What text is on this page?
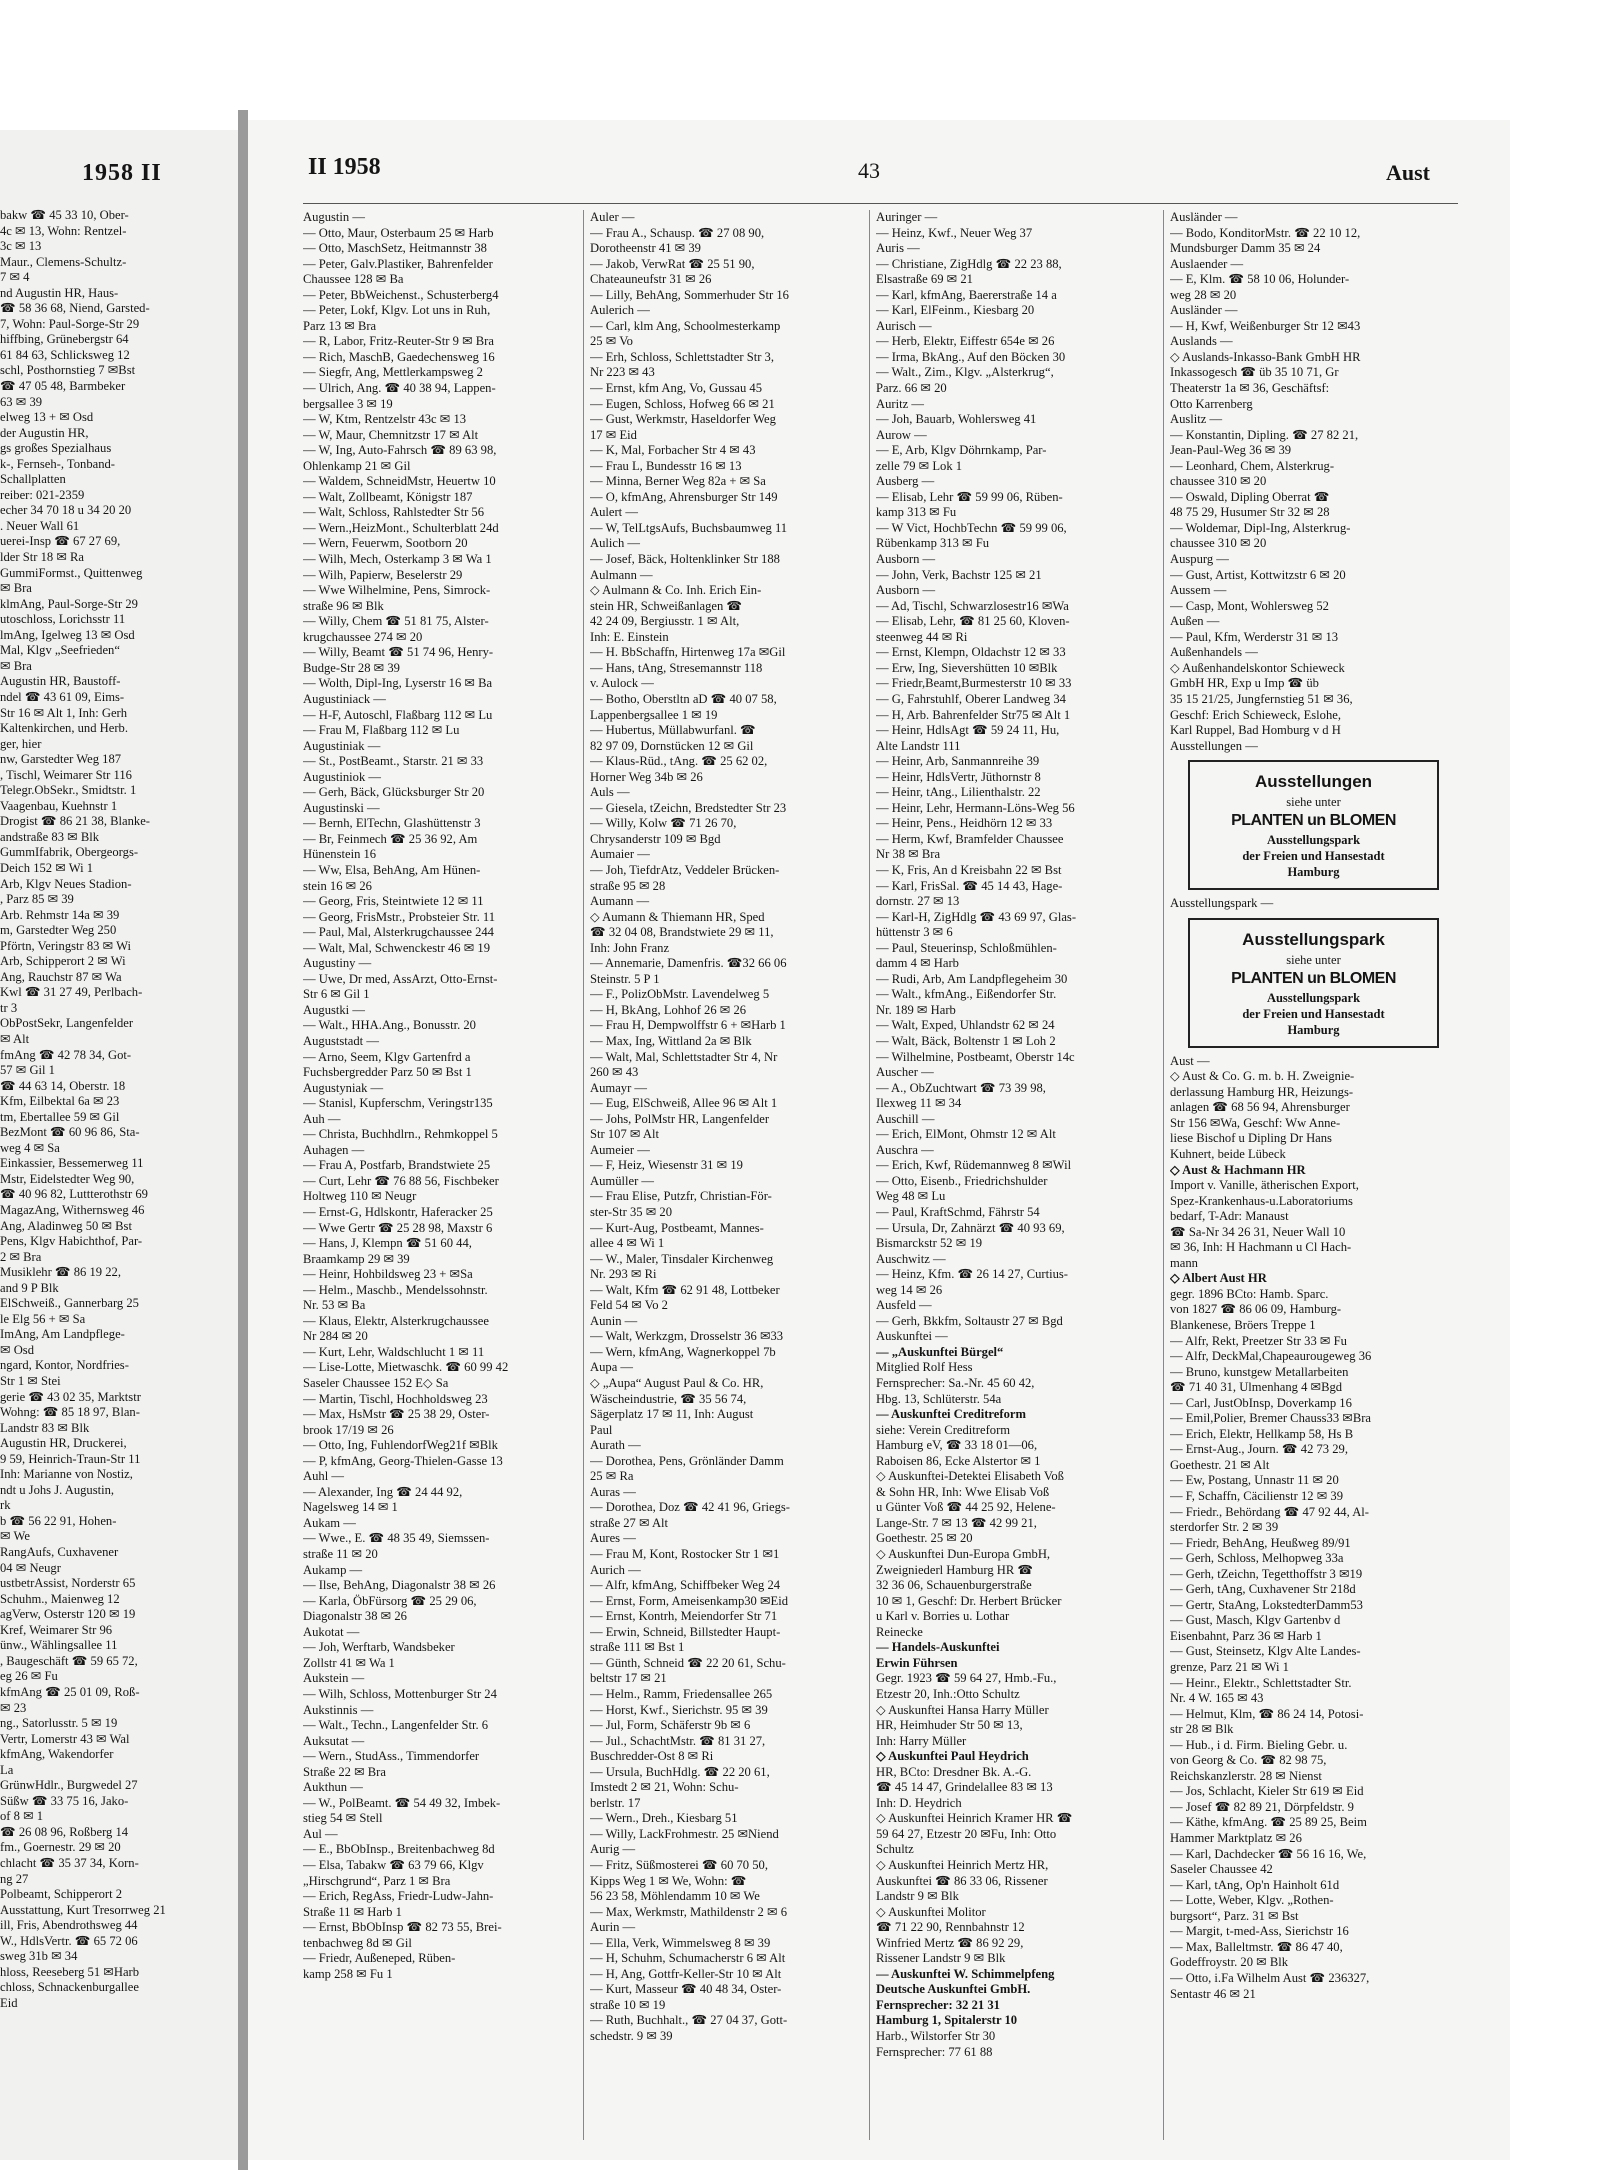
1958 II
bakw ☎ 45 33 10, Ober-
4c ✉ 13, Wohn: Rentzel-
3c ✉ 13
Maur., Clemens-Schultz-
7 ✉ 4
nd Augustin HR, Haus-
☎ 58 36 68, Niend, Garsted-
7, Wohn: Paul-Sorge-Str 29
hiffbing, Grünebergstr 64
61 84 63, Schlicksweg 12
schl, Posthornstieg 7 ✉Bst
☎ 47 05 48, Barmbeker
63 ✉ 39
elweg 13 + ✉ Osd
der Augustin HR,
gs großes Spezialhaus
k-, Fernseh-, Tonband-
Schallplatten
reiber: 021-2359
echer 34 70 18 u 34 20 20
. Neuer Wall 61
uerei-Insp ☎ 67 27 69,
lder Str 18 ✉ Ra
GummiFormst., Quittenweg
✉ Bra
klmAng, Paul-Sorge-Str 29
utoschloss, Lorichsstr 11
lmAng, Igelweg 13 ✉ Osd
Mal, Klgv „Seefrieden“
✉ Bra
Augustin HR, Baustoff-
ndel ☎ 43 61 09, Eims-
Str 16 ✉ Alt 1, Inh: Gerh
Kaltenkirchen, und Herb.
ger, hier
nw, Garstedter Weg 187
, Tischl, Weimarer Str 116
Telegr.ObSekr., Smidtstr. 1
Vaagenbau, Kuehnstr 1
Drogist ☎ 86 21 38, Blanke-
andstraße 83 ✉ Blk
GummIfabrik, Obergeorgs-
Deich 152 ✉ Wi 1
Arb, Klgv Neues Stadion-
, Parz 85 ✉ 39
Arb. Rehmstr 14a ✉ 39
m, Garstedter Weg 250
Pförtn, Veringstr 83 ✉ Wi
Arb, Schipperort 2 ✉ Wi
Ang, Rauchstr 87 ✉ Wa
Kwl ☎ 31 27 49, Perlbach-
tr 3
ObPostSekr, Langenfelder
✉ Alt
fmAng ☎ 42 78 34, Got-
57 ✉ Gil 1
☎ 44 63 14, Oberstr. 18
Kfm, Eilbektal 6a ✉ 23
tm, Ebertallee 59 ✉ Gil
BezMont ☎ 60 96 86, Sta-
weg 4 ✉ Sa
Einkassier, Bessemerweg 11
Mstr, Eidelstedter Weg 90,
☎ 40 96 82, Luttterothstr 69
MagazAng, Withernsweg 46
Ang, Aladinweg 50 ✉ Bst
Pens, Klgv Habichthof, Par-
2 ✉ Bra
Musiklehr ☎ 86 19 22,
and 9 P Blk
ElSchweiß., Gannerbarg 25
le Elg 56 + ✉ Sa
ImAng, Am Landpflege-
✉ Osd
ngard, Kontor, Nordfries-
Str 1 ✉ Stei
gerie ☎ 43 02 35, Marktstr
Wohng: ☎ 85 18 97, Blan-
Landstr 83 ✉ Blk
Augustin HR, Druckerei,
9 59, Heinrich-Traun-Str 11
Inh: Marianne von Nostiz,
ndt u Johs J. Augustin,
rk
b ☎ 56 22 91, Hohen-
✉ We
RangAufs, Cuxhavener
04 ✉ Neugr
ustbetrAssist, Norderstr 65
Schuhm., Maienweg 12
agVerw, Osterstr 120 ✉ 19
Kref, Weimarer Str 96
ünw., Wählingsallee 11
, Baugeschäft ☎ 59 65 72,
eg 26 ✉ Fu
kfmAng ☎ 25 01 09, Roß-
✉ 23
ng., Satorlusstr. 5 ✉ 19
Vertr, Lomerstr 43 ✉ Wal
kfmAng, Wakendorfer
La
GrünwHdlr., Burgwedel 27
Süßw ☎ 33 75 16, Jako-
of 8 ✉ 1
☎ 26 08 96, Roßberg 14
fm., Goernestr. 29 ✉ 20
chlacht ☎ 35 37 34, Korn-
ng 27
Polbeamt, Schipperort 2
Ausstattung, Kurt Tresorrweg 21
ill, Fris, Abendrothsweg 44
W., HdlsVertr. ☎ 65 72 06
sweg 31b ✉ 34
hloss, Reeseberg 51 ✉Harb
chloss, Schnackenburgallee
Eid
II 1958	43	Aust
Augustin —
— Otto, Maur, Osterbaum 25 ✉ Harb
— Otto, MaschSetz, Heitmannstr 38
— Peter, Galv.Plastiker, Bahrenfelder
Chaussee 128 ✉ Ba
— Peter, BbWeichenst., Schusterberg4
— Peter, Lokf, Klgv. Lot uns in Ruh,
Parz 13 ✉ Bra
— R, Labor, Fritz-Reuter-Str 9 ✉ Bra
— Rich, MaschB, Gaedechensweg 16
— Siegfr, Ang, Mettlerkampsweg 2
— Ulrich, Ang. ☎ 40 38 94, Lappen-
bergsallee 3 ✉ 19
— W, Ktm, Rentzelstr 43c ✉ 13
— W, Maur, Chemnitzstr 17 ✉ Alt
— W, Ing, Auto-Fahrsch ☎ 89 63 98,
Ohlenkamp 21 ✉ Gil
— Waldem, SchneidMstr, Heuertw 10
— Walt, Zollbeamt, Königstr 187
— Walt, Schloss, Rahlstedter Str 56
— Wern.,HeizMont., Schulterblatt 24d
— Wern, Feuerwm, Sootborn 20
— Wilh, Mech, Osterkamp 3 ✉ Wa 1
— Wilh, Papierw, Beselerstr 29
— Wwe Wilhelmine, Pens, Simrock-
straße 96 ✉ Blk
— Willy, Chem ☎ 51 81 75, Alster-
krugchaussee 274 ✉ 20
— Willy, Beamt ☎ 51 74 96, Henry-
Budge-Str 28 ✉ 39
— Wolth, Dipl-Ing, Lyserstr 16 ✉ Ba
Augustiniack —
— H-F, Autoschl, Flaßbarg 112 ✉ Lu
— Frau M, Flaßbarg 112 ✉ Lu
Augustiniak —
— St., PostBeamt., Starstr. 21 ✉ 33
Augustiniok —
— Gerh, Bäck, Glücksburger Str 20
Augustinski —
— Bernh, ElTechn, Glashüttenstr 3
— Br, Feinmech ☎ 25 36 92, Am
Hünenstein 16
— Ww, Elsa, BehAng, Am Hünen-
stein 16 ✉ 26
— Georg, Fris, Steintwiete 12 ✉ 11
— Georg, FrisMstr., Probsteier Str. 11
— Paul, Mal, Alsterkrugchaussee 244
— Walt, Mal, Schwenckestr 46 ✉ 19
Augustiny —
— Uwe, Dr med, AssArzt, Otto-Ernst-
Str 6 ✉ Gil 1
Augustki —
— Walt., HHA.Ang., Bonusstr. 20
Auguststadt —
— Arno, Seem, Klgv Gartenfrd a
Fuchsbergredder Parz 50 ✉ Bst 1
Augustyniak —
— Stanisl, Kupferschm, Veringstr135
Auh —
— Christa, Buchhdlrn., Rehmkoppel 5
Auhagen —
— Frau A, Postfarb, Brandstwiete 25
— Curt, Lehr ☎ 76 88 56, Fischbeker
Holtweg 110 ✉ Neugr
— Ernst-G, Hdlskontr, Haferacker 25
— Wwe Gertr ☎ 25 28 98, Maxstr 6
— Hans, J, Klempn ☎ 51 60 44,
Braamkamp 29 ✉ 39
— Heinr, Hohbildsweg 23 + ✉Sa
— Helm., Maschb., Mendelssohnstr.
Nr. 53 ✉ Ba
— Klaus, Elektr, Alsterkrugchaussee
Nr 284 ✉ 20
— Kurt, Lehr, Waldschlucht 1 ✉ 11
— Lise-Lotte, Mietwaschk. ☎ 60 99 42
Saseler Chaussee 152 E◇ Sa
— Martin, Tischl, Hochholdsweg 23
— Max, HsMstr ☎ 25 38 29, Oster-
brook 17/19 ✉ 26
— Otto, Ing, FuhlendorfWeg21f ✉Blk
— P, kfmAng, Georg-Thielen-Gasse 13
Auhl —
— Alexander, Ing ☎ 24 44 92,
Nagelsweg 14 ✉ 1
Aukam —
— Wwe., E. ☎ 48 35 49, Siemssen-
straße 11 ✉ 20
Aukamp —
— Ilse, BehAng, Diagonalstr 38 ✉ 26
— Karla, ÖbFürsorg ☎ 25 29 06,
Diagonalstr 38 ✉ 26
Aukotat —
— Joh, Werftarb, Wandsbeker
Zollstr 41 ✉ Wa 1
Aukstein —
— Wilh, Schloss, Mottenburger Str 24
Aukstinnis —
— Walt., Techn., Langenfelder Str. 6
Auksutat —
— Wern., StudAss., Timmendorfer
Straße 22 ✉ Bra
Aukthun —
— W., PolBeamt. ☎ 54 49 32, Imbek-
stieg 54 ✉ Stell
Aul —
— E., BbObInsp., Breitenbachweg 8d
— Elsa, Tabakw ☎ 63 79 66, Klgv
„Hirschgrund“, Parz 1 ✉ Bra
— Erich, RegAss, Friedr-Ludw-Jahn-
Straße 11 ✉ Harb 1
— Ernst, BbObInsp ☎ 82 73 55, Brei-
tenbachweg 8d ✉ Gil
— Friedr, Außeneped, Rüben-
kamp 258 ✉ Fu 1
Auler —
— Frau A., Schausp. ☎ 27 08 90,
Dorotheenstr 41 ✉ 39
— Jakob, VerwRat ☎ 25 51 90,
Chateauneufstr 31 ✉ 26
— Lilly, BehAng, Sommerhuder Str 16
Aulerich —
— Carl, klm Ang, Schoolmesterkamp
25 ✉ Vo
— Erh, Schloss, Schlettstadter Str 3,
Nr 223 ✉ 43
— Ernst, kfm Ang, Vo, Gussau 45
— Eugen, Schloss, Hofweg 66 ✉ 21
— Gust, Werkmstr, Haseldorfer Weg
17 ✉ Eid
— K, Mal, Forbacher Str 4 ✉ 43
— Frau L, Bundesstr 16 ✉ 13
— Minna, Berner Weg 82a + ✉ Sa
— O, kfmAng, Ahrensburger Str 149
Aulert —
— W, TelLtgsAufs, Buchsbaumweg 11
Aulich —
— Josef, Bäck, Holtenklinker Str 188
Aulmann —
◇ Aulmann & Co. Inh. Erich Ein-
stein HR, Schweißanlagen ☎
42 24 09, Bergiusstr. 1 ✉ Alt,
Inh: E. Einstein
— H. BbSchaffn, Hirtenweg 17a ✉Gil
— Hans, tAng, Stresemannstr 118
v. Aulock —
— Botho, Oberstltn aD ☎ 40 07 58,
Lappenbergsallee 1 ✉ 19
— Hubertus, Müllabwurfanl. ☎
82 97 09, Dornstücken 12 ✉ Gil
— Klaus-Rüd., tAng. ☎ 25 62 02,
Horner Weg 34b ✉ 26
Auls —
— Giesela, tZeichn, Bredstedter Str 23
— Willy, Kolw ☎ 71 26 70,
Chrysanderstr 109 ✉ Bgd
Aumaier —
— Joh, TiefdrAtz, Veddeler Brücken-
straße 95 ✉ 28
Aumann —
◇ Aumann & Thiemann HR, Sped
☎ 32 04 08, Brandstwiete 29 ✉ 11,
Inh: John Franz
— Annemarie, Damenfris. ☎32 66 06
Steinstr. 5 P 1
— F., PolizObMstr. Lavendelweg 5
— H, BkAng, Lohhof 26 ✉ 26
— Frau H, Dempwolffstr 6 + ✉Harb 1
— Max, Ing, Wittland 2a ✉ Blk
— Walt, Mal, Schlettstadter Str 4, Nr
260 ✉ 43
Aumayr —
— Eug, ElSchweiß, Allee 96 ✉ Alt 1
— Johs, PolMstr HR, Langenfelder
Str 107 ✉ Alt
Aumeier —
— F, Heiz, Wiesenstr 31 ✉ 19
Aumüller —
— Frau Elise, Putzfr, Christian-För-
ster-Str 35 ✉ 20
— Kurt-Aug, Postbeamt, Mannes-
allee 4 ✉ Wi 1
— W., Maler, Tinsdaler Kirchenweg
Nr. 293 ✉ Ri
— Walt, Kfm ☎ 62 91 48, Lottbeker
Feld 54 ✉ Vo 2
Aunin —
— Walt, Werkzgm, Drosselstr 36 ✉33
— Wern, kfmAng, Wagnerkoppel 7b
Aupa —
◇ „Aupa“ August Paul & Co. HR,
Wäscheindustrie, ☎ 35 56 74,
Sägerplatz 17 ✉ 11, Inh: August
Paul
Aurath —
— Dorothea, Pens, Grönländer Damm
25 ✉ Ra
Auras —
— Dorothea, Doz ☎ 42 41 96, Griegs-
straße 27 ✉ Alt
Aures —
— Frau M, Kont, Rostocker Str 1 ✉1
Aurich —
— Alfr, kfmAng, Schiffbeker Weg 24
— Ernst, Form, Ameisenkamp30 ✉Eid
— Ernst, Kontrh, Meiendorfer Str 71
— Erwin, Schneid, Billstedter Haupt-
straße 111 ✉ Bst 1
— Günth, Schneid ☎ 22 20 61, Schu-
beltstr 17 ✉ 21
— Helm., Ramm, Friedensallee 265
— Horst, Kwf., Sierichstr. 95 ✉ 39
— Jul, Form, Schäferstr 9b ✉ 6
— Jul., SchachtMstr. ☎ 81 31 27,
Buschredder-Ost 8 ✉ Ri
— Ursula, BuchHdlg. ☎ 22 20 61,
Imstedt 2 ✉ 21, Wohn: Schu-
berlstr. 17
— Wern., Dreh., Kiesbarg 51
— Willy, LackFrohmestr. 25 ✉Niend
Aurig —
— Fritz, Süßmosterei ☎ 60 70 50,
Kipps Weg 1 ✉ We, Wohn: ☎
56 23 58, Möhlendamm 10 ✉ We
— Max, Werkmstr, Mathildenstr 2 ✉ 6
Aurin —
— Ella, Verk, Wimmelsweg 8 ✉ 39
— H, Schuhm, Schumacherstr 6 ✉ Alt
— H, Ang, Gottfr-Keller-Str 10 ✉ Alt
— Kurt, Masseur ☎ 40 48 34, Oster-
straße 10 ✉ 19
— Ruth, Buchhalt., ☎ 27 04 37, Gott-
schedstr. 9 ✉ 39
Auringer —
— Heinz, Kwf., Neuer Weg 37
Auris —
— Christiane, ZigHdlg ☎ 22 23 88,
Elsastraße 69 ✉ 21
— Karl, kfmAng, Baererstraße 14 a
— Karl, ElFeinm., Kiesbarg 20
Aurisch —
— Herb, Elektr, Eiffestr 654e ✉ 26
— Irma, BkAng., Auf den Böcken 30
— Walt., Zim., Klgv. „Alsterkrug“,
Parz. 66 ✉ 20
Auritz —
— Joh, Bauarb, Wohlersweg 41
Aurow —
— E, Arb, Klgv Döhrnkamp, Par-
zelle 79 ✉ Lok 1
Ausberg —
— Elisab, Lehr ☎ 59 99 06, Rüben-
kamp 313 ✉ Fu
— W Vict, HochbTechn ☎ 59 99 06,
Rübenkamp 313 ✉ Fu
Ausborn —
— John, Verk, Bachstr 125 ✉ 21
Ausborn —
— Ad, Tischl, Schwarzlosestr16 ✉Wa
— Elisab, Lehr, ☎ 81 25 60, Kloven-
steenweg 44 ✉ Ri
— Ernst, Klempn, Oldachstr 12 ✉ 33
— Erw, Ing, Sievershütten 10 ✉Blk
— Friedr,Beamt,Burmesterstr 10 ✉ 33
— G, Fahrstuhlf, Oberer Landweg 34
— H, Arb. Bahrenfelder Str75 ✉ Alt 1
— Heinr, HdlsAgt ☎ 59 24 11, Hu,
Alte Landstr 111
— Heinr, Arb, Sanmannreihe 39
— Heinr, HdlsVertr, Jüthornstr 8
— Heinr, tAng., Lilienthalstr. 22
— Heinr, Lehr, Hermann-Löns-Weg 56
— Heinr, Pens., Heidhörn 12 ✉ 33
— Herm, Kwf, Bramfelder Chaussee
Nr 38 ✉ Bra
— K, Fris, An d Kreisbahn 22 ✉ Bst
— Karl, FrisSal. ☎ 45 14 43, Hage-
dornstr. 27 ✉ 13
— Karl-H, ZigHdlg ☎ 43 69 97, Glas-
hüttenstr 3 ✉ 6
— Paul, Steuerinsp, Schloßmühlen-
damm 4 ✉ Harb
— Rudi, Arb, Am Landpflegeheim 30
— Walt., kfmAng., Eißendorfer Str.
Nr. 189 ✉ Harb
— Walt, Exped, Uhlandstr 62 ✉ 24
— Walt, Bäck, Boltenstr 1 ✉ Loh 2
— Wilhelmine, Postbeamt, Oberstr 14c
Auscher —
— A., ObZuchtwart ☎ 73 39 98,
Ilexweg 11 ✉ 34
Auschill —
— Erich, ElMont, Ohmstr 12 ✉ Alt
Auschra —
— Erich, Kwf, Rüdemannweg 8 ✉Wil
— Otto, Eisenb., Friedrichshulder
Weg 48 ✉ Lu
— Paul, KraftSchmd, Fährstr 54
— Ursula, Dr, Zahnärzt ☎ 40 93 69,
Bismarckstr 52 ✉ 19
Auschwitz —
— Heinz, Kfm. ☎ 26 14 27, Curtius-
weg 14 ✉ 26
Ausfeld —
— Gerh, Bkkfm, Soltaustr 27 ✉ Bgd
Auskunftei —
— „Auskunftei Bürgel“
Mitglied Rolf Hess
Fernsprecher: Sa.-Nr. 45 60 42,
Hbg. 13, Schlüterstr. 54a
— Auskunftei Creditreform
siehe: Verein Creditreform
Hamburg eV, ☎ 33 18 01—06,
Raboisen 86, Ecke Alstertor ✉ 1
◇ Auskunftei-Detektei Elisabeth Voß
& Sohn HR, Inh: Wwe Elisab Voß
u Günter Voß ☎ 44 25 92, Helene-
Lange-Str. 7 ✉ 13 ☎ 42 99 21,
Goethestr. 25 ✉ 20
◇ Auskunftei Dun-Europa GmbH,
Zweigniederl Hamburg HR ☎
32 36 06, Schauenburgerstraße
10 ✉ 1, Geschf: Dr. Herbert Brücker
u Karl v. Borries u. Lothar
Reinecke
— Handels-Auskunftei
Erwin Führsen
Gegr. 1923 ☎ 59 64 27, Hmb.-Fu.,
Etzestr 20, Inh.:Otto Schultz
◇ Auskunftei Hansa Harry Müller
HR, Heimhuder Str 50 ✉ 13,
Inh: Harry Müller
◇ Auskunftei Paul Heydrich
HR, BCto: Dresdner Bk. A.-G.
☎ 45 14 47, Grindelallee 83 ✉ 13
Inh: D. Heydrich
◇ Auskunftei Heinrich Kramer HR ☎
59 64 27, Etzestr 20 ✉Fu, Inh: Otto
Schultz
◇ Auskunftei Heinrich Mertz HR,
Auskunftei ☎ 86 33 06, Rissener
Landstr 9 ✉ Blk
◇ Auskunftei Molitor
☎ 71 22 90, Rennbahnstr 12
Winfried Mertz ☎ 86 92 29,
Rissener Landstr 9 ✉ Blk
— Auskunftei W. Schimmelpfeng
Deutsche Auskunftei GmbH.
Fernsprecher: 32 21 31
Hamburg 1, Spitalerstr 10
Harb., Wilstorfer Str 30
Fernsprecher: 77 61 88
Ausländer —
— Bodo, KonditorMstr. ☎ 22 10 12,
Mundsburger Damm 35 ✉ 24
Auslaender —
— E, Klm. ☎ 58 10 06, Holunder-
weg 28 ✉ 20
Ausländer —
— H, Kwf, Weißenburger Str 12 ✉43
Auslands —
◇ Auslands-Inkasso-Bank GmbH HR
Inkassogesch ☎ üb 35 10 71, Gr
Theaterstr 1a ✉ 36, Geschäftsf:
Otto Karrenberg
Auslitz —
— Konstantin, Dipling. ☎ 27 82 21,
Jean-Paul-Weg 36 ✉ 39
— Leonhard, Chem, Alsterkrug-
chaussee 310 ✉ 20
— Oswald, Dipling Oberrat ☎
48 75 29, Husumer Str 32 ✉ 28
— Woldemar, Dipl-Ing, Alsterkrug-
chaussee 310 ✉ 20
Auspurg —
— Gust, Artist, Kottwitzstr 6 ✉ 20
Aussem —
— Casp, Mont, Wohlersweg 52
Außen —
— Paul, Kfm, Werderstr 31 ✉ 13
Außenhandels —
◇ Außenhandelskontor Schieweck
GmbH HR, Exp u Imp ☎ üb
35 15 21/25, Jungfernstieg 51 ✉ 36,
Geschf: Erich Schieweck, Eslohe,
Karl Ruppel, Bad Homburg v d H
Ausstellungen —
Ausstellungen
siehe unter
PLANTEN un BLOMEN
Ausstellungspark
der Freien und Hansestadt
Hamburg
Ausstellungspark —
Ausstellungspark
siehe unter
PLANTEN un BLOMEN
Ausstellungspark
der Freien und Hansestadt
Hamburg
Aust —
◇ Aust & Co. G. m. b. H. Zweignie-
derlassung Hamburg HR, Heizungs-
anlagen ☎ 68 56 94, Ahrensburger
Str 156 ✉Wa, Geschf: Ww Anne-
liese Bischof u Dipling Dr Hans
Kuhnert, beide Lübeck
◇ Aust & Hachmann HR
Import v. Vanille, ätherischen Export,
Spez-Krankenhaus-u.Laboratoriums
bedarf, T-Adr: Manaust
☎ Sa-Nr 34 26 31, Neuer Wall 10
✉ 36, Inh: H Hachmann u Cl Hach-
mann
◇ Albert Aust HR
gegr. 1896 BCto: Hamb. Sparc.
von 1827 ☎ 86 06 09, Hamburg-
Blankenese, Bröers Treppe 1
— Alfr, Rekt, Preetzer Str 33 ✉ Fu
— Alfr, DeckMal,Chapeaurougeweg 36
— Bruno, kunstgew Metallarbeiten
☎ 71 40 31, Ulmenhang 4 ✉Bgd
— Carl, JustObInsp, Doverkamp 16
— Emil,Polier, Bremer Chauss33 ✉Bra
— Erich, Elektr, Hellkamp 58, Hs B
— Ernst-Aug., Journ. ☎ 42 73 29,
Goethestr. 21 ✉ Alt
— Ew, Postang, Unnastr 11 ✉ 20
— F, Schaffn, Cäcilienstr 12 ✉ 39
— Friedr., Behördang ☎ 47 92 44, Al-
sterdorfer Str. 2 ✉ 39
— Friedr, BehAng, Heußweg 89/91
— Gerh, Schloss, Melhopweg 33a
— Gerh, tZeichn, Tegetthoffstr 3 ✉19
— Gerh, tAng, Cuxhavener Str 218d
— Gertr, StaAng, LokstedterDamm53
— Gust, Masch, Klgv Gartenbv d
Eisenbahnt, Parz 36 ✉ Harb 1
— Gust, Steinsetz, Klgv Alte Landes-
grenze, Parz 21 ✉ Wi 1
— Heinr., Elektr., Schlettstadter Str.
Nr. 4 W. 165 ✉ 43
— Helmut, Klm, ☎ 86 24 14, Potosi-
str 28 ✉ Blk
— Hub., i d. Firm. Bieling Gebr. u.
von Georg & Co. ☎ 82 98 75,
Reichskanzlerstr. 28 ✉ Nienst
— Jos, Schlacht, Kieler Str 619 ✉ Eid
— Josef ☎ 82 89 21, Dörpfeldstr. 9
— Käthe, kfmAng. ☎ 25 89 25, Beim
Hammer Marktplatz ✉ 26
— Karl, Dachdecker ☎ 56 16 16, We,
Saseler Chaussee 42
— Karl, tAng, Op'n Hainholt 61d
— Lotte, Weber, Klgv. „Rothen-
burgsort“, Parz. 31 ✉ Bst
— Margit, t-med-Ass, Sierichstr 16
— Max, Balleltmstr. ☎ 86 47 40,
Godeffroystr. 20 ✉ Blk
— Otto, i.Fa Wilhelm Aust ☎ 236327,
Sentastr 46 ✉ 21
